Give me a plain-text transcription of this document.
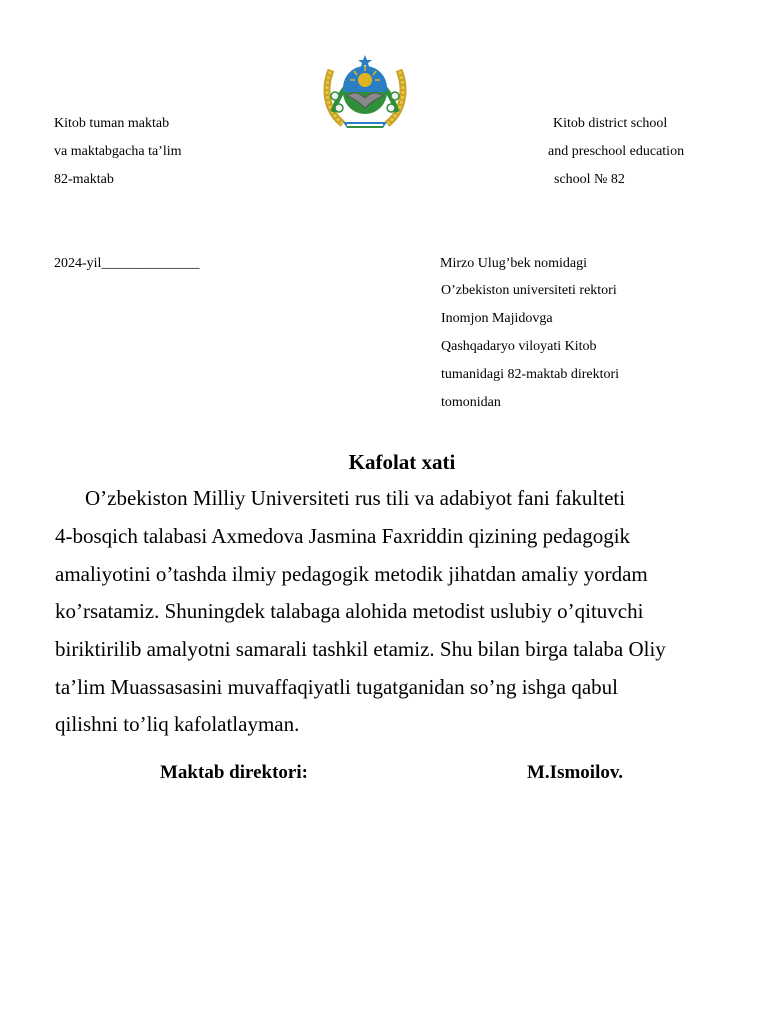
Kitob tuman maktab
va maktabgacha ta’lim
82-maktab
Kitob district school
and preschool education
school № 82
2024-yil______________	Mirzo Ulug’bek nomidagi
O’zbekiston universiteti rektori
Inomjon Majidovga
Qashqadaryo viloyati Kitob
tumanidagi 82-maktab direktori
tomonidan
Kafolat xati
O’zbekiston Milliy Universiteti rus tili va adabiyot fani fakulteti
4-bosqich talabasi Axmedova Jasmina Faxriddin qizining pedagogik
amaliyotini o’tashda ilmiy pedagogik metodik jihatdan amaliy yordam
ko’rsatamiz. Shuningdek talabaga alohida metodist uslubiy o’qituvchi
biriktirilib amalyotni samarali tashkil etamiz. Shu bilan birga talaba Oliy
ta’lim Muassasasini muvaffaqiyatli tugatganidan so’ng ishga qabul
qilishni to’liq kafolatlayman.
Maktab direktori:	M.Ismoilov.
